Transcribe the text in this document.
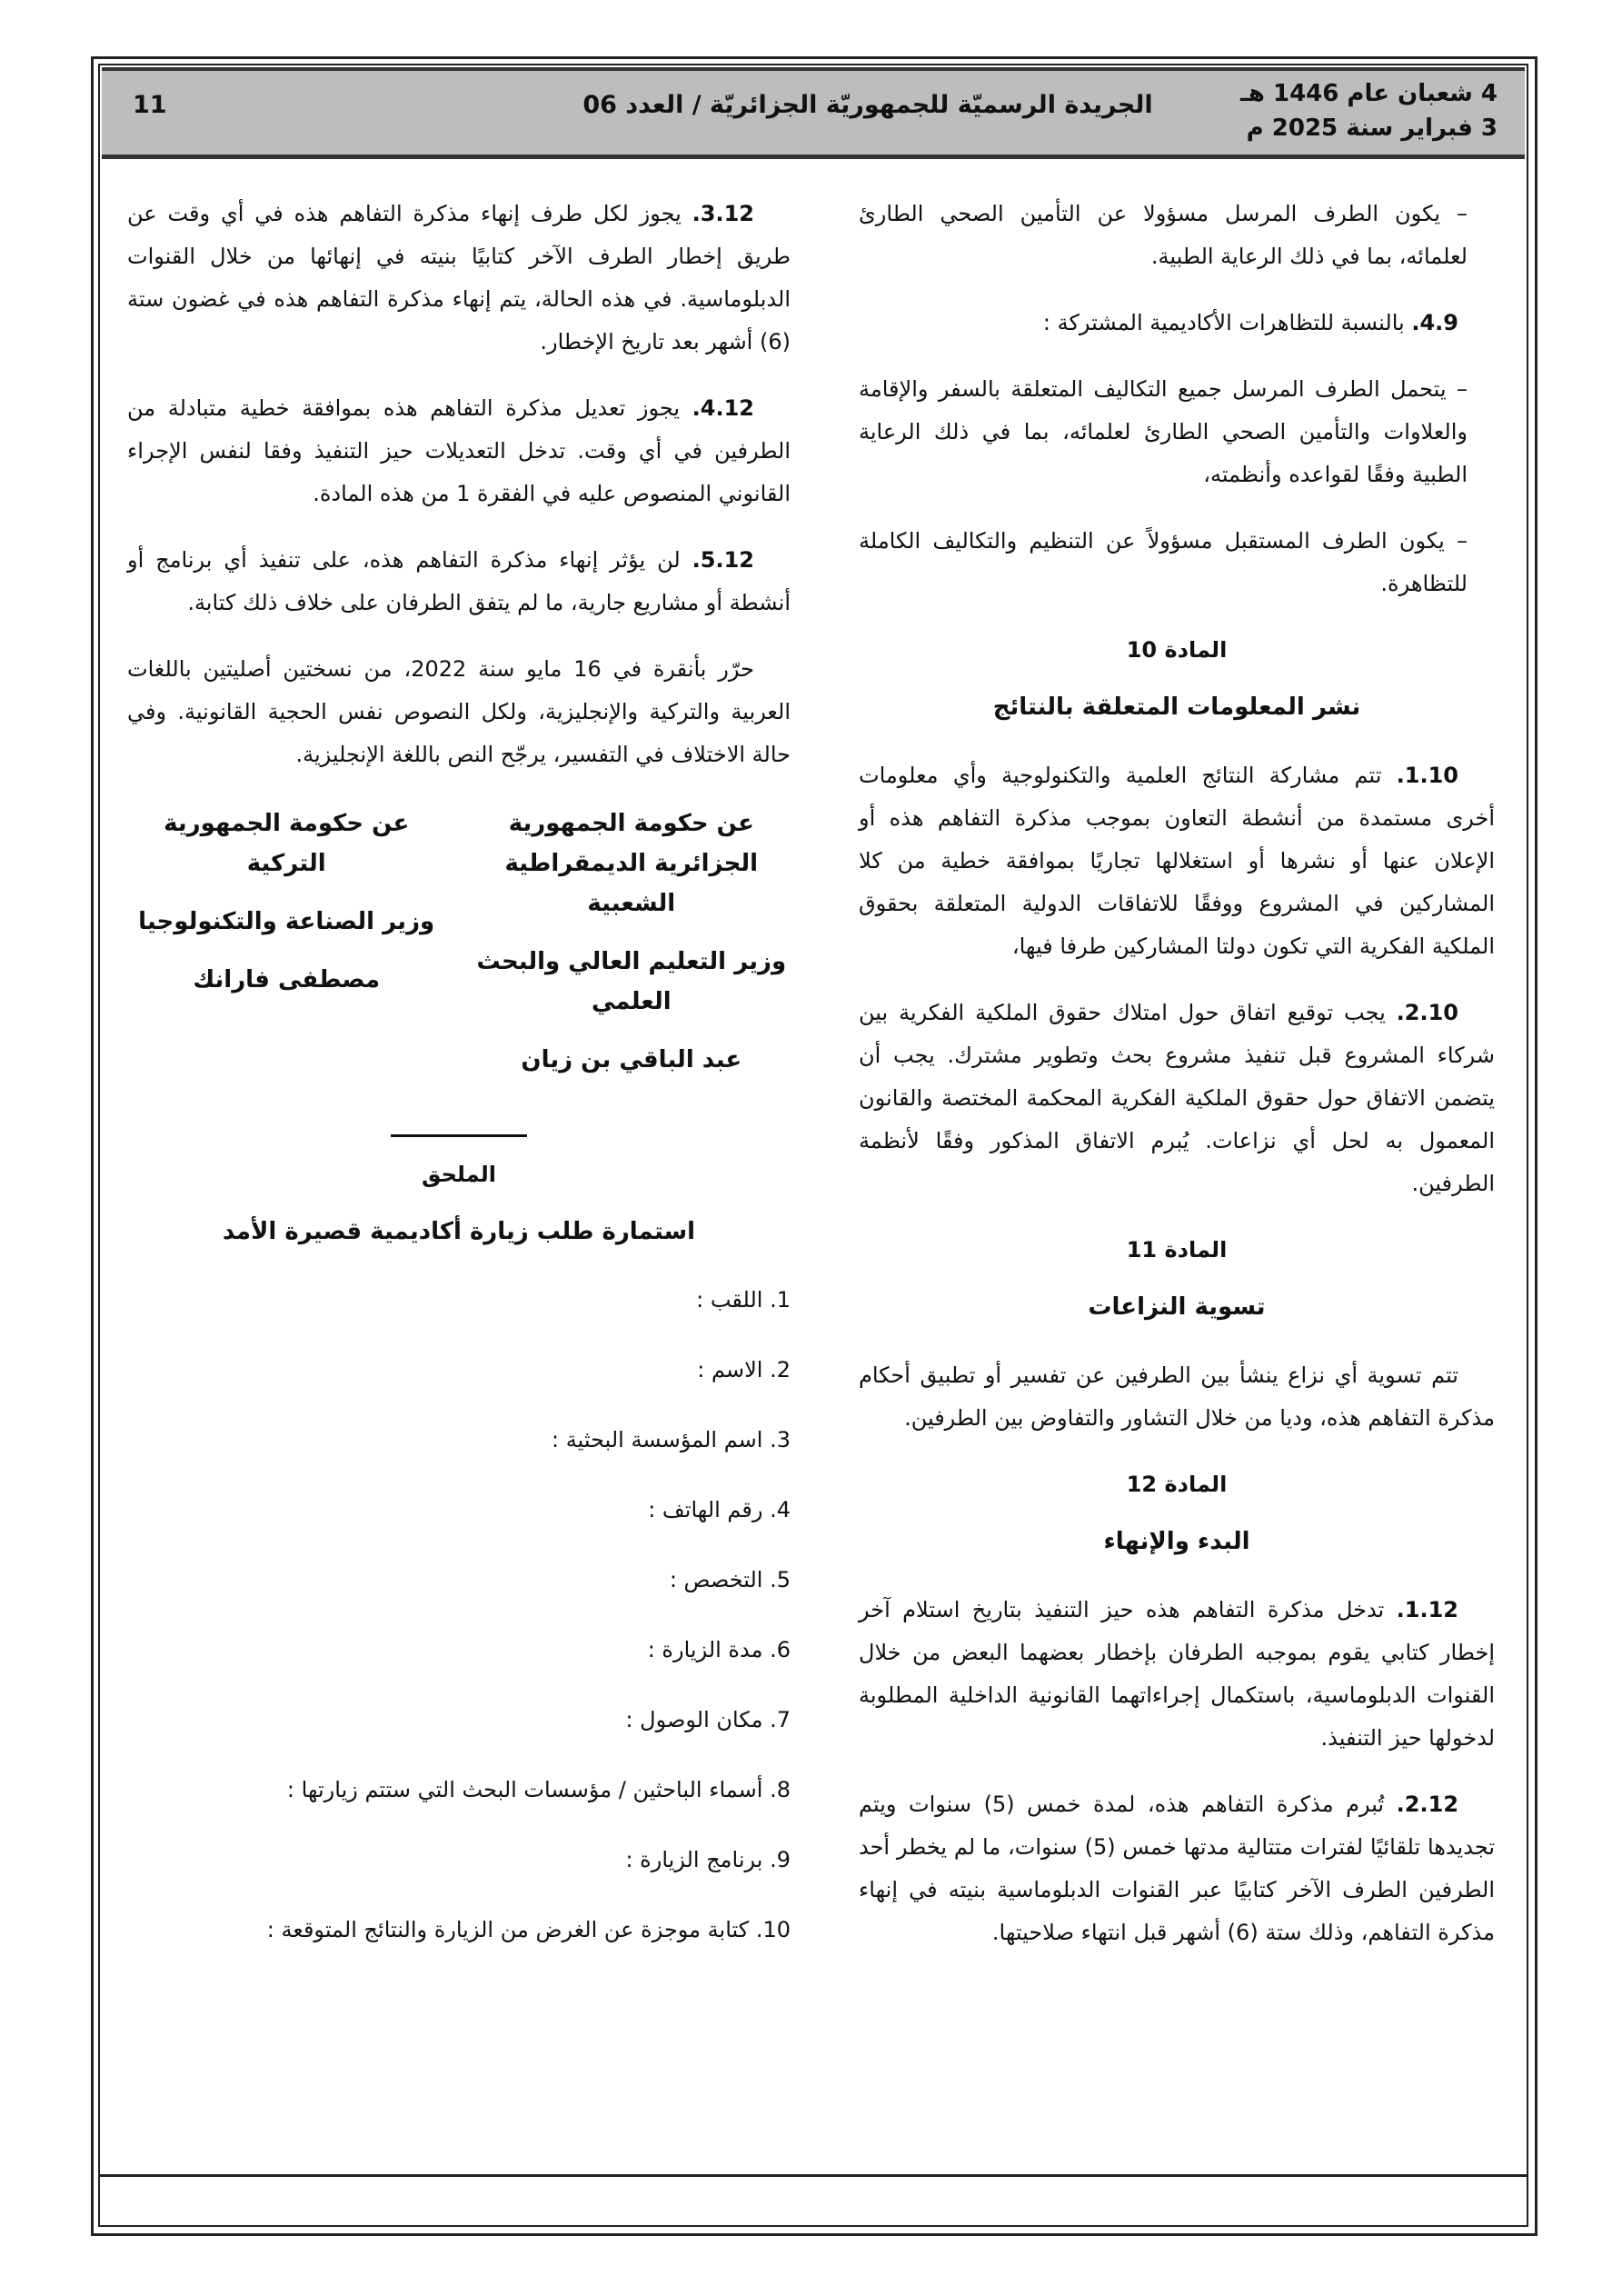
4 شعبان عام 1446 هـ
3 فبراير سنة 2025 م
الجريدة الرسميّة للجمهوريّة الجزائريّة / العدد 06
11

– يكون الطرف المرسل مسؤولا عن التأمين الصحي الطارئ لعلمائه، بما في ذلك الرعاية الطبية.

4.9. بالنسبة للتظاهرات الأكاديمية المشتركة :

– يتحمل الطرف المرسل جميع التكاليف المتعلقة بالسفر والإقامة والعلاوات والتأمين الصحي الطارئ لعلمائه، بما في ذلك الرعاية الطبية وفقًا لقواعده وأنظمته،

– يكون الطرف المستقبل مسؤولاً عن التنظيم والتكاليف الكاملة للتظاهرة.

المادة 10
نشر المعلومات المتعلقة بالنتائج

1.10. تتم مشاركة النتائج العلمية والتكنولوجية وأي معلومات أخرى مستمدة من أنشطة التعاون بموجب مذكرة التفاهم هذه أو الإعلان عنها أو نشرها أو استغلالها تجاريًا بموافقة خطية من كلا المشاركين في المشروع ووفقًا للاتفاقات الدولية المتعلقة بحقوق الملكية الفكرية التي تكون دولتا المشاركين طرفا فيها،

2.10. يجب توقيع اتفاق حول امتلاك حقوق الملكية الفكرية بين شركاء المشروع قبل تنفيذ مشروع بحث وتطوير مشترك. يجب أن يتضمن الاتفاق حول حقوق الملكية الفكرية المحكمة المختصة والقانون المعمول به لحل أي نزاعات. يُبرم الاتفاق المذكور وفقًا لأنظمة الطرفين.

المادة 11
تسوية النزاعات

تتم تسوية أي نزاع ينشأ بين الطرفين عن تفسير أو تطبيق أحكام مذكرة التفاهم هذه، وديا من خلال التشاور والتفاوض بين الطرفين.

المادة 12
البدء والإنهاء

1.12. تدخل مذكرة التفاهم هذه حيز التنفيذ بتاريخ استلام آخر إخطار كتابي يقوم بموجبه الطرفان بإخطار بعضهما البعض من خلال القنوات الدبلوماسية، باستكمال إجراءاتهما القانونية الداخلية المطلوبة لدخولها حيز التنفيذ.

2.12. تُبرم مذكرة التفاهم هذه، لمدة خمس (5) سنوات ويتم تجديدها تلقائيًا لفترات متتالية مدتها خمس (5) سنوات، ما لم يخطر أحد الطرفين الطرف الآخر كتابيًا عبر القنوات الدبلوماسية بنيته في إنهاء مذكرة التفاهم، وذلك ستة (6) أشهر قبل انتهاء صلاحيتها.

3.12. يجوز لكل طرف إنهاء مذكرة التفاهم هذه في أي وقت عن طريق إخطار الطرف الآخر كتابيًا بنيته في إنهائها من خلال القنوات الدبلوماسية. في هذه الحالة، يتم إنهاء مذكرة التفاهم هذه في غضون ستة (6) أشهر بعد تاريخ الإخطار.

4.12. يجوز تعديل مذكرة التفاهم هذه بموافقة خطية متبادلة من الطرفين في أي وقت. تدخل التعديلات حيز التنفيذ وفقا لنفس الإجراء القانوني المنصوص عليه في الفقرة 1 من هذه المادة.

5.12. لن يؤثر إنهاء مذكرة التفاهم هذه، على تنفيذ أي برنامج أو أنشطة أو مشاريع جارية، ما لم يتفق الطرفان على خلاف ذلك كتابة.

حرّر بأنقرة في 16 مايو سنة 2022، من نسختين أصليتين باللغات العربية والتركية والإنجليزية، ولكل النصوص نفس الحجية القانونية. وفي حالة الاختلاف في التفسير، يرجّح النص باللغة الإنجليزية.

عن حكومة الجمهورية الجزائرية الديمقراطية الشعبية
وزير التعليم العالي والبحث العلمي
عبد الباقي بن زيان
عن حكومة الجمهورية التركية
وزير الصناعة والتكنولوجيا
مصطفى فارانك
الملحق
استمارة طلب زيارة أكاديمية قصيرة الأمد

1. اللقب :

2. الاسم :

3. اسم المؤسسة البحثية :

4. رقم الهاتف :

5. التخصص :

6. مدة الزيارة :

7. مكان الوصول :

8. أسماء الباحثين / مؤسسات البحث التي ستتم زيارتها :

9. برنامج الزيارة :

10. كتابة موجزة عن الغرض من الزيارة والنتائج المتوقعة :
